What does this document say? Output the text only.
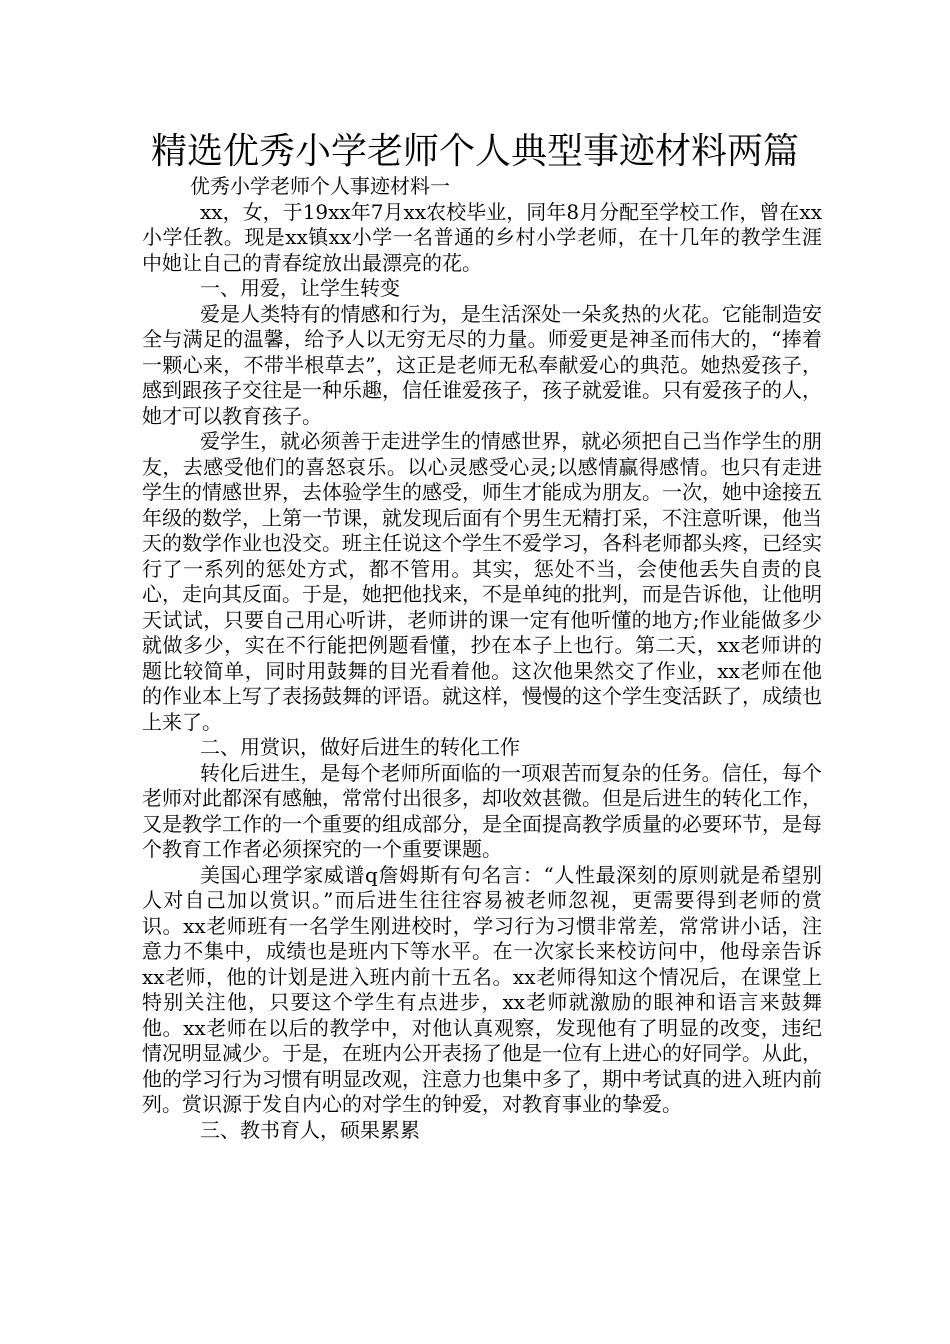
精选优秀小学老师个人典型事迹材料两篇

优秀小学老师个人事迹材料一

xx，女，于19xx年7月xx农校毕业，同年8月分配至学校工作，曾在xx小学任教。现是xx镇xx小学一名普通的乡村小学老师，在十几年的教学生涯中她让自己的青春绽放出最漂亮的花。

一、用爱，让学生转变

爱是人类特有的情感和行为，是生活深处一朵炙热的火花。它能制造安全与满足的温馨，给予人以无穷无尽的力量。师爱更是神圣而伟大的，“捧着一颗心来，不带半根草去”，这正是老师无私奉献爱心的典范。她热爱孩子，感到跟孩子交往是一种乐趣，信任谁爱孩子，孩子就爱谁。只有爱孩子的人，她才可以教育孩子。

爱学生，就必须善于走进学生的情感世界，就必须把自己当作学生的朋友，去感受他们的喜怒哀乐。以心灵感受心灵;以感情赢得感情。也只有走进学生的情感世界，去体验学生的感受，师生才能成为朋友。一次，她中途接五年级的数学，上第一节课，就发现后面有个男生无精打采，不注意听课，他当天的数学作业也没交。班主任说这个学生不爱学习，各科老师都头疼，已经实行了一系列的惩处方式，都不管用。其实，惩处不当，会使他丢失自责的良心，走向其反面。于是，她把他找来，不是单纯的批判，而是告诉他，让他明天试试，只要自己用心听讲，老师讲的课一定有他听懂的地方;作业能做多少就做多少，实在不行能把例题看懂，抄在本子上也行。第二天，xx老师讲的题比较简单，同时用鼓舞的目光看着他。这次他果然交了作业，xx老师在他的作业本上写了表扬鼓舞的评语。就这样，慢慢的这个学生变活跃了，成绩也上来了。

二、用赏识，做好后进生的转化工作

转化后进生，是每个老师所面临的一项艰苦而复杂的任务。信任，每个老师对此都深有感触，常常付出很多，却收效甚微。但是后进生的转化工作，又是教学工作的一个重要的组成部分，是全面提高教学质量的必要环节，是每个教育工作者必须探究的一个重要课题。

美国心理学家威谱q詹姆斯有句名言：“人性最深刻的原则就是希望别人对自己加以赏识。”而后进生往往容易被老师忽视，更需要得到老师的赏识。xx老师班有一名学生刚进校时，学习行为习惯非常差，常常讲小话，注意力不集中，成绩也是班内下等水平。在一次家长来校访问中，他母亲告诉xx老师，他的计划是进入班内前十五名。xx老师得知这个情况后，在课堂上特别关注他，只要这个学生有点进步，xx老师就激励的眼神和语言来鼓舞他。xx老师在以后的教学中，对他认真观察，发现他有了明显的改变，违纪情况明显减少。于是，在班内公开表扬了他是一位有上进心的好同学。从此，他的学习行为习惯有明显改观，注意力也集中多了，期中考试真的进入班内前列。赏识源于发自内心的对学生的钟爱，对教育事业的挚爱。

三、教书育人，硕果累累
